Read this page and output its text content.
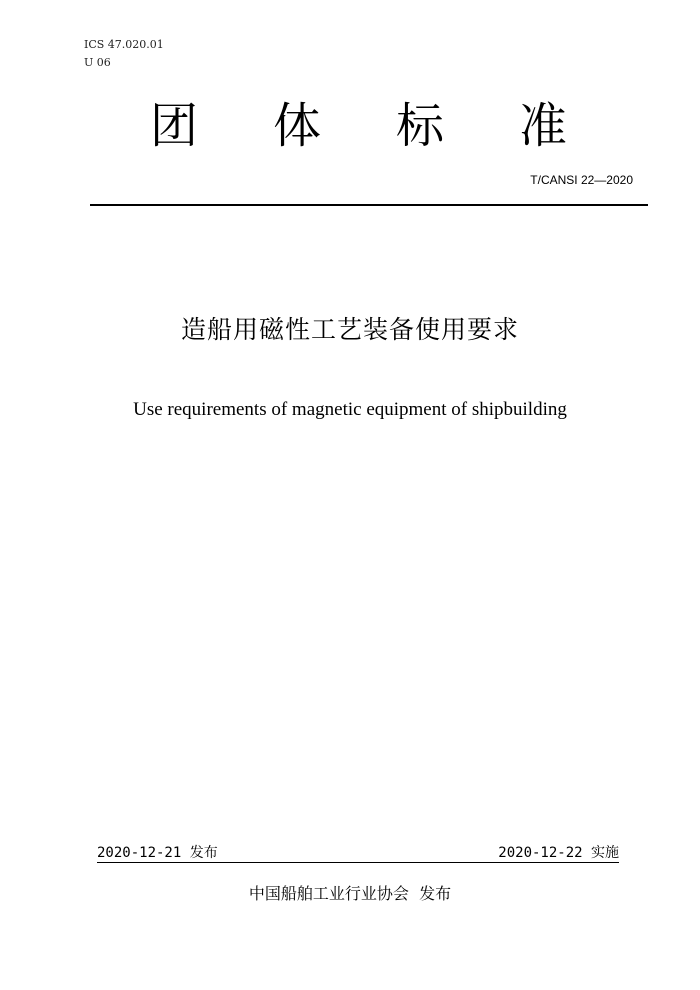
ICS 47.020.01
U 06
团 体 标 准
T/CANSI 22—2020
造船用磁性工艺装备使用要求
Use requirements of magnetic equipment of shipbuilding
2020-12-21 发布	2020-12-22 实施
中国船舶工业行业协会  发布
